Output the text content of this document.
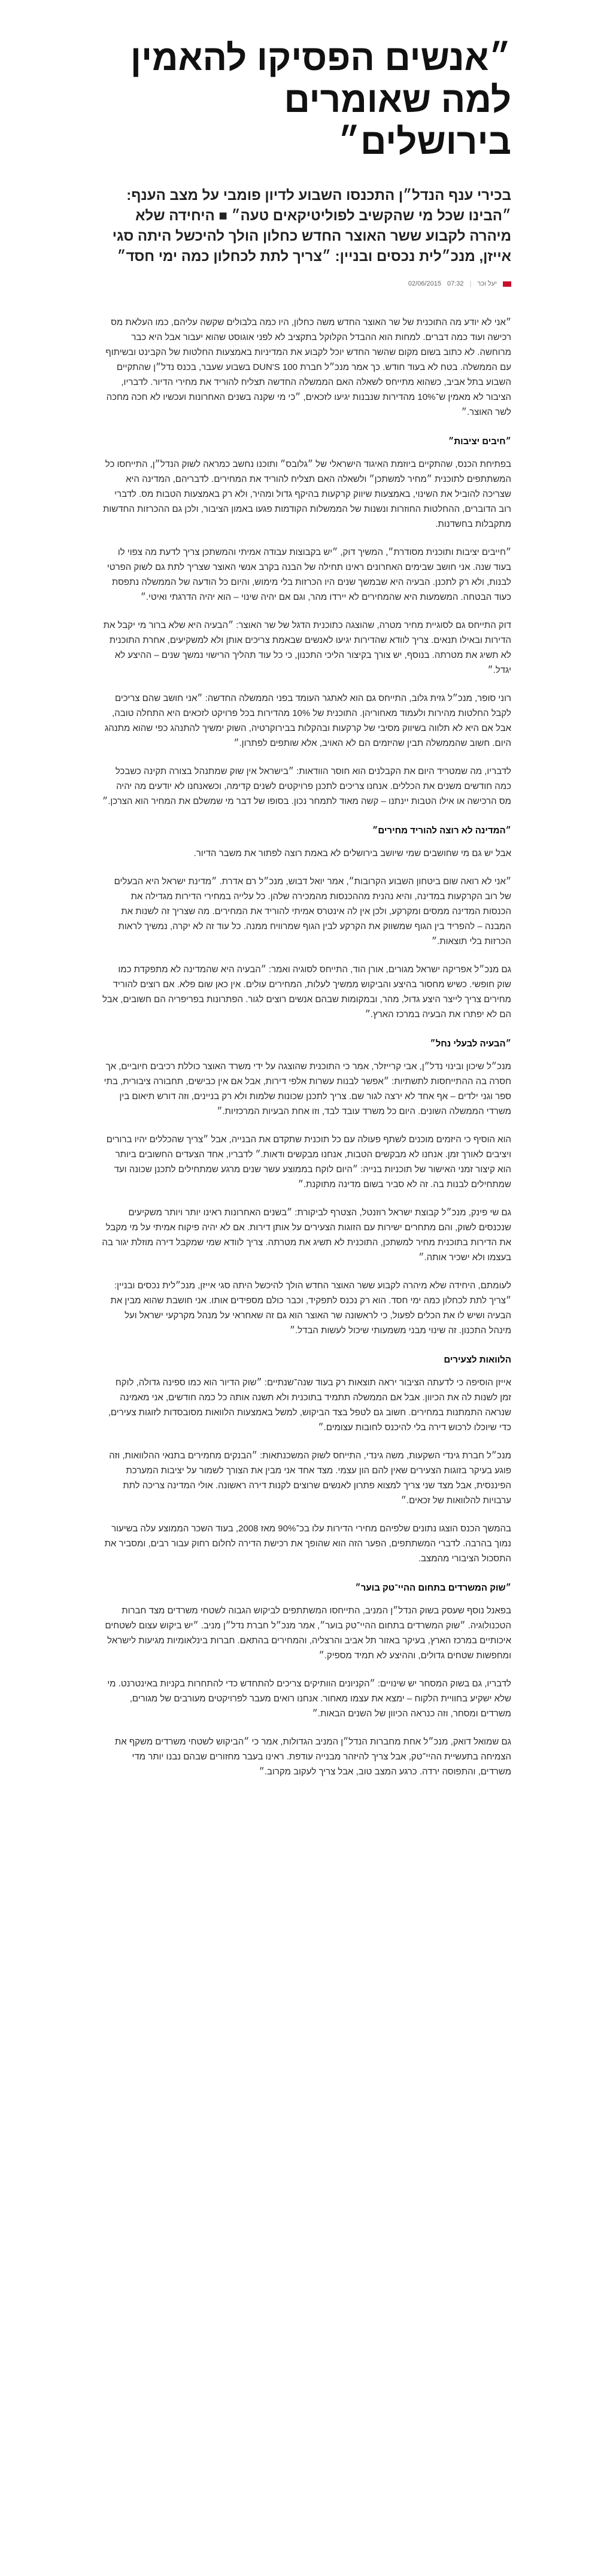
״אנשים הפסיקו להאמין למה שאומרים בירושלים״
בכירי ענף הנדל״ן התכנסו השבוע לדיון פומבי על מצב הענף: ״הבינו שכל מי שהקשיב לפוליטיקאים טעה״ ■ היחידה שלא מיהרה לקבוע ששר האוצר החדש כחלון הולך להיכשל היתה סגי אייזן, מנכ״לית נכסים ובניין: ״צריך לתת לכחלון כמה ימי חסד״
יעל וכר
|
07:32
02/06/2015

״אני לא יודע מה התוכנית של שר האוצר החדש משה כחלון, היו כמה בלבולים שקשה עליהם, כמו העלאת מס רכישה ועוד כמה דברים. למחות הוא ההבדל הקלוקל בתקציב לא לפני אוגוסט שהוא יעבור אבל היא כבר מרוחשה. לא כתוב בשום מקום שהשר החדש יוכל לקבוע את המדיניות באמצעות החלטות של הקבינט ובשיתוף עם הממשלה. בטח לא בעוד חודש. כך אמר מנכ״ל חברת DUN'S 100 בשבוע שעבר, בכנס נדל״ן שהתקיים השבוע בתל אביב, כשהוא מתייחס לשאלה האם הממשלה החדשה תצליח להוריד את מחירי הדיור. לדבריו, הציבור לא מאמין ש־10% מהדירות שנבנות יגיעו לזכאים, ״כי מי שקנה בשנים האחרונות ועכשיו לא חכה מחכה לשר האוצר.״

״חיבים יציבות״

בפתיחת הכנס, שהתקיים ביוזמת האיגוד הישראלי של ״גלובס״ ותוכנו נחשב כמראה לשוק הנדל״ן, התייחסו כל המשתתפים לתוכנית ״מחיר למשתכן״ ולשאלה האם תצליח להוריד את המחירים. לדבריהם, המדינה היא שצריכה להוביל את השינוי, באמצעות שיווק קרקעות בהיקף גדול ומהיר, ולא רק באמצעות הטבות מס. לדברי רוב הדוברים, ההחלטות החוזרות ונשנות של הממשלות הקודמות פגעו באמון הציבור, ולכן גם ההכרזות החדשות מתקבלות בחשדנות.

״חייבים יציבות ותוכנית מסודרת״, המשיך דוק, ״יש בקבוצות עבודה אמיתי והמשתכן צריך לדעת מה צפוי לו בעוד שנה. אני חושב שבימים האחרונים ראינו תחילה של הבנה בקרב אנשי האוצר שצריך לתת גם לשוק הפרטי לבנות, ולא רק לתכנן. הבעיה היא שבמשך שנים היו הכרזות בלי מימוש, והיום כל הודעה של הממשלה נתפסת כעוד הבטחה. המשמעות היא שהמחירים לא יירדו מהר, וגם אם יהיה שינוי – הוא יהיה הדרגתי ואיטי.״

דוק התייחס גם לסוגיית מחיר מטרה, שהוצגה כתוכנית הדגל של שר האוצר: ״הבעיה היא שלא ברור מי יקבל את הדירות ובאילו תנאים. צריך לוודא שהדירות יגיעו לאנשים שבאמת צריכים אותן ולא למשקיעים, אחרת התוכנית לא תשיג את מטרתה. בנוסף, יש צורך בקיצור הליכי התכנון, כי כל עוד תהליך הרישוי נמשך שנים – ההיצע לא יגדל.״

רוני סופר, מנכ״ל גזית גלוב, התייחס גם הוא לאתגר העומד בפני הממשלה החדשה: ״אני חושב שהם צריכים לקבל החלטות מהירות ולעמוד מאחוריהן. התוכנית של 10% מהדירות בכל פרויקט לזכאים היא התחלה טובה, אבל אם היא לא תלווה בשיווק מסיבי של קרקעות ובהקלות בבירוקרטיה, השוק ימשיך להתנהג כפי שהוא מתנהג היום. חשוב שהממשלה תבין שהיזמים הם לא האויב, אלא שותפים לפתרון.״

לדבריו, מה שמטריד היום את הקבלנים הוא חוסר הוודאות: ״בישראל אין שוק שמתנהל בצורה תקינה כשבכל כמה חודשים משנים את הכללים. אנחנו צריכים לתכנן פרויקטים לשנים קדימה, וכשאנחנו לא יודעים מה יהיה מס הרכישה או אילו הטבות יינתנו – קשה מאוד לתמחר נכון. בסופו של דבר מי שמשלם את המחיר הוא הצרכן.״

״המדינה לא רוצה להוריד מחירים״

אבל יש גם מי שחושבים שמי שיושב בירושלים לא באמת רוצה לפתור את משבר הדיור.

״אני לא רואה שום ביטחון השבוע הקרובות״, אמר יואל דבוש, מנכ״ל רם אדרת. ״מדינת ישראל היא הבעלים של רוב הקרקעות במדינה, והיא נהנית מההכנסות מהמכירה שלהן. כל עלייה במחירי הדירות מגדילה את הכנסות המדינה ממסים ומקרקע, ולכן אין לה אינטרס אמיתי להוריד את המחירים. מה שצריך זה לשנות את המבנה – להפריד בין הגוף שמשווק את הקרקע לבין הגוף שמרוויח ממנה. כל עוד זה לא יקרה, נמשיך לראות הכרזות בלי תוצאות.״

גם מנכ״ל אפריקה ישראל מגורים, אורן הוד, התייחס לסוגיה ואמר: ״הבעיה היא שהמדינה לא מתפקדת כמו שוק חופשי. כשיש מחסור בהיצע והביקוש ממשיך לעלות, המחירים עולים. אין כאן שום פלא. אם רוצים להוריד מחירים צריך לייצר היצע גדול, מהר, ובמקומות שבהם אנשים רוצים לגור. הפתרונות בפריפריה הם חשובים, אבל הם לא יפתרו את הבעיה במרכז הארץ.״

״הבעיה לבעלי נחל״

מנכ״ל שיכון ובינוי נדל״ן, אבי קרייזלר, אמר כי התוכנית שהוצגה על ידי משרד האוצר כוללת רכיבים חיוביים, אך חסרה בה ההתייחסות לתשתיות: ״אפשר לבנות עשרות אלפי דירות, אבל אם אין כבישים, תחבורה ציבורית, בתי ספר וגני ילדים – אף אחד לא ירצה לגור שם. צריך לתכנן שכונות שלמות ולא רק בניינים, וזה דורש תיאום בין משרדי הממשלה השונים. היום כל משרד עובד לבד, וזו אחת הבעיות המרכזיות.״

הוא הוסיף כי היזמים מוכנים לשתף פעולה עם כל תוכנית שתקדם את הבנייה, אבל ״צריך שהכללים יהיו ברורים ויציבים לאורך זמן. אנחנו לא מבקשים הטבות, אנחנו מבקשים ודאות.״ לדבריו, אחד הצעדים החשובים ביותר הוא קיצור זמני האישור של תוכניות בנייה: ״היום לוקח בממוצע עשר שנים מרגע שמתחילים לתכנן שכונה ועד שמתחילים לבנות בה. זה לא סביר בשום מדינה מתוקנת.״

גם שי פינק, מנכ״ל קבוצת ישראל רוזנטל, הצטרף לביקורת: ״בשנים האחרונות ראינו יותר ויותר משקיעים שנכנסים לשוק, והם מתחרים ישירות עם הזוגות הצעירים על אותן דירות. אם לא יהיה פיקוח אמיתי על מי מקבל את הדירות בתוכנית מחיר למשתכן, התוכנית לא תשיג את מטרתה. צריך לוודא שמי שמקבל דירה מוזלת יגור בה בעצמו ולא ישכיר אותה.״

לעומתם, היחידה שלא מיהרה לקבוע ששר האוצר החדש הולך להיכשל היתה סגי אייזן, מנכ״לית נכסים ובניין: ״צריך לתת לכחלון כמה ימי חסד. הוא רק נכנס לתפקיד, וכבר כולם מספידים אותו. אני חושבת שהוא מבין את הבעיה ושיש לו את הכלים לפעול, כי לראשונה שר האוצר הוא גם זה שאחראי על מנהל מקרקעי ישראל ועל מינהל התכנון. זה שינוי מבני משמעותי שיכול לעשות הבדל.״

הלוואות לצעירים

אייזן הוסיפה כי לדעתה הציבור יראה תוצאות רק בעוד שנה־שנתיים: ״שוק הדיור הוא כמו ספינה גדולה, לוקח זמן לשנות לה את הכיוון. אבל אם הממשלה תתמיד בתוכנית ולא תשנה אותה כל כמה חודשים, אני מאמינה שנראה התמתנות במחירים. חשוב גם לטפל בצד הביקוש, למשל באמצעות הלוואות מסובסדות לזוגות צעירים, כדי שיוכלו לרכוש דירה בלי להיכנס לחובות עצומים.״

מנכ״ל חברת גינדי השקעות, משה גינדי, התייחס לשוק המשכנתאות: ״הבנקים מחמירים בתנאי ההלוואות, וזה פוגע בעיקר בזוגות הצעירים שאין להם הון עצמי. מצד אחד אני מבין את הצורך לשמור על יציבות המערכת הפיננסית, אבל מצד שני צריך למצוא פתרון לאנשים שרוצים לקנות דירה ראשונה. אולי המדינה צריכה לתת ערבויות להלוואות של זכאים.״

בהמשך הכנס הוצגו נתונים שלפיהם מחירי הדירות עלו בכ־90% מאז 2008, בעוד השכר הממוצע עלה בשיעור נמוך בהרבה. לדברי המשתתפים, הפער הזה הוא שהופך את רכישת הדירה לחלום רחוק עבור רבים, ומסביר את התסכול הציבורי מהמצב.

״שוק המשרדים בתחום ההיי־טק בוער״

בפאנל נוסף שעסק בשוק הנדל״ן המניב, התייחסו המשתתפים לביקוש הגבוה לשטחי משרדים מצד חברות הטכנולוגיה. ״שוק המשרדים בתחום ההיי־טק בוער״, אמר מנכ״ל חברת נדל״ן מניב. ״יש ביקוש עצום לשטחים איכותיים במרכז הארץ, בעיקר באזור תל אביב והרצליה, והמחירים בהתאם. חברות בינלאומיות מגיעות לישראל ומחפשות שטחים גדולים, וההיצע לא תמיד מספיק.״

לדבריו, גם בשוק המסחר יש שינויים: ״הקניונים הוותיקים צריכים להתחדש כדי להתחרות בקניות באינטרנט. מי שלא ישקיע בחוויית הלקוח – ימצא את עצמו מאחור. אנחנו רואים מעבר לפרויקטים מעורבים של מגורים, משרדים ומסחר, וזה כנראה הכיוון של השנים הבאות.״

גם שמואל דואק, מנכ״ל אחת מחברות הנדל״ן המניב הגדולות, אמר כי ״הביקוש לשטחי משרדים משקף את הצמיחה בתעשיית ההיי־טק, אבל צריך להיזהר מבנייה עודפת. ראינו בעבר מחזורים שבהם נבנו יותר מדי משרדים, והתפוסה ירדה. כרגע המצב טוב, אבל צריך לעקוב מקרוב.״
